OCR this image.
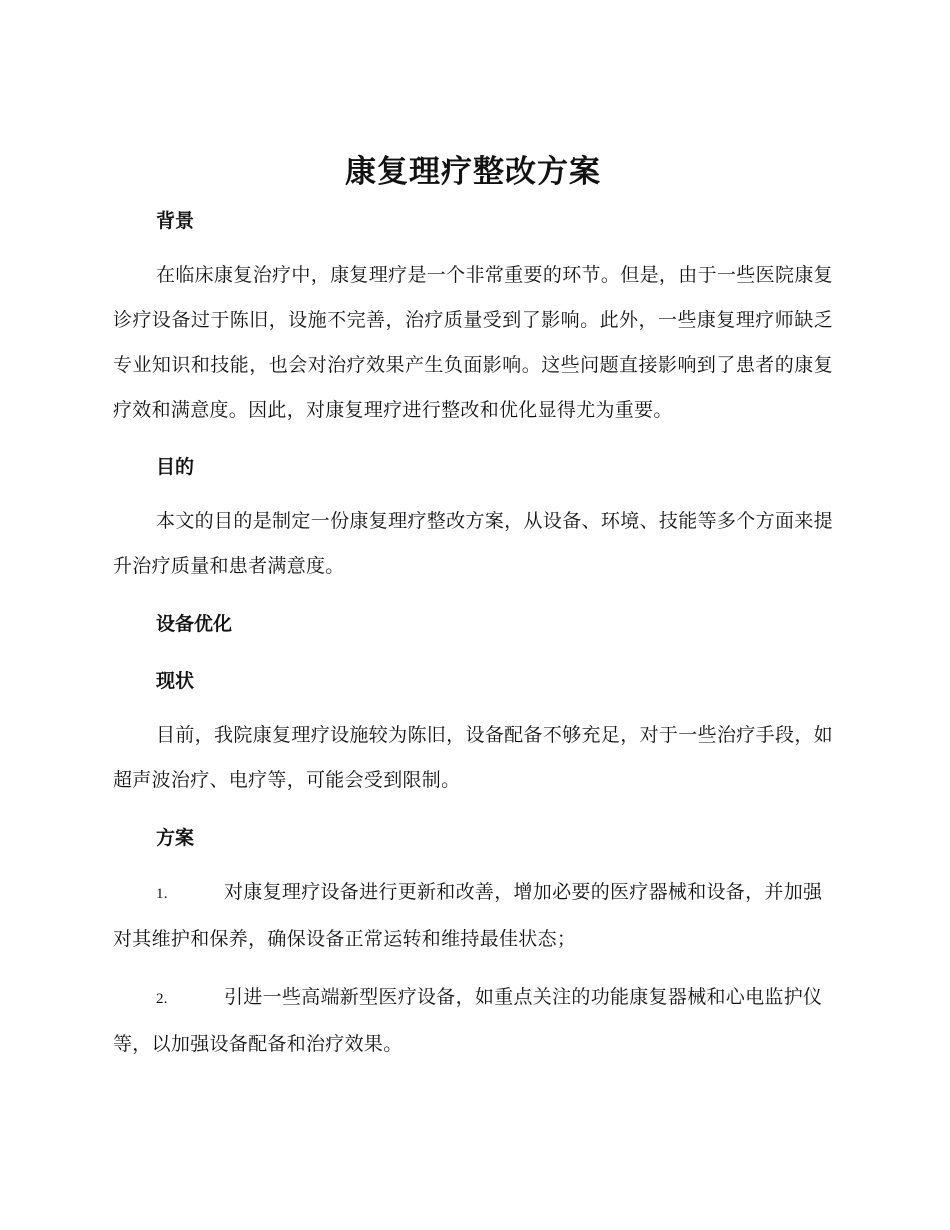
康复理疗整改方案
背景

在临床康复治疗中，康复理疗是一个非常重要的环节。但是，由于一些医院康复诊疗设备过于陈旧，设施不完善，治疗质量受到了影响。此外，一些康复理疗师缺乏专业知识和技能，也会对治疗效果产生负面影响。这些问题直接影响到了患者的康复疗效和满意度。因此，对康复理疗进行整改和优化显得尤为重要。

目的

本文的目的是制定一份康复理疗整改方案，从设备、环境、技能等多个方面来提升治疗质量和患者满意度。

设备优化
现状

目前，我院康复理疗设施较为陈旧，设备配备不够充足，对于一些治疗手段，如超声波治疗、电疗等，可能会受到限制。

方案

1.	对康复理疗设备进行更新和改善，增加必要的医疗器械和设备，并加强对其维护和保养，确保设备正常运转和维持最佳状态；

2.	引进一些高端新型医疗设备，如重点关注的功能康复器械和心电监护仪等，以加强设备配备和治疗效果。
